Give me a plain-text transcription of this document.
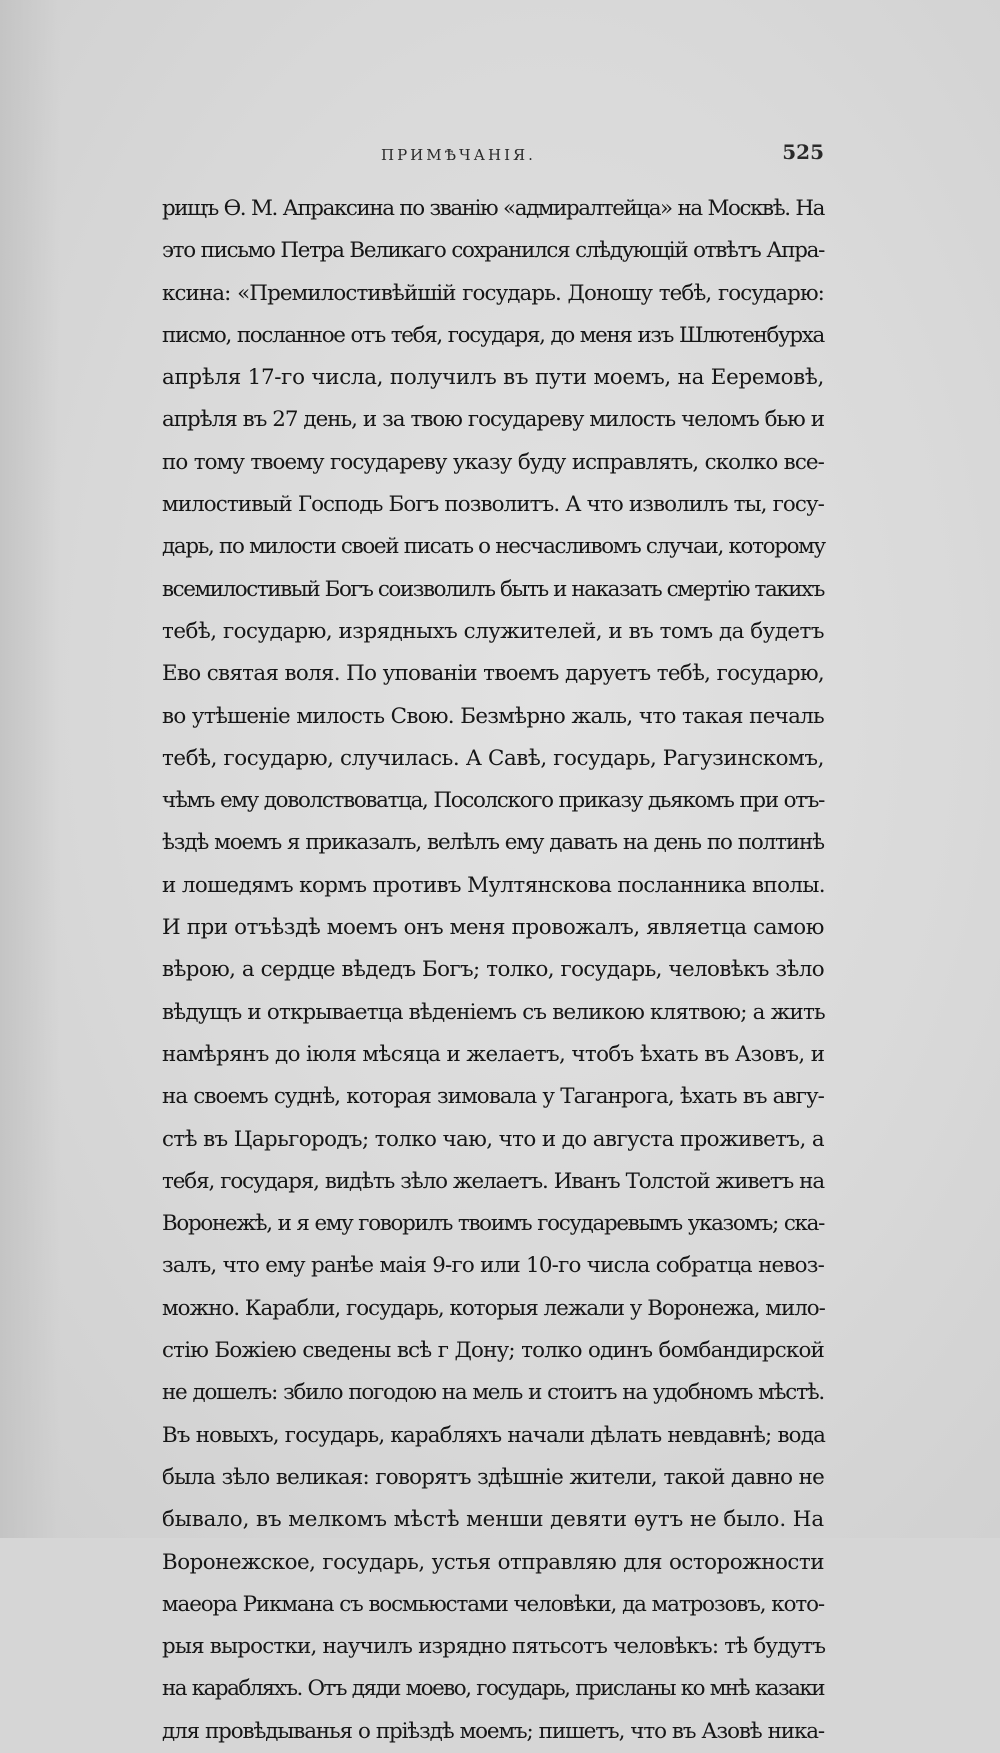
ПРИМѢЧАНІЯ.	525
рищъ Ѳ. М. Апраксина по званію «адмиралтейца» на Москвѣ. На
это письмо Петра Великаго сохранился слѣдующій отвѣтъ Апра-
ксина: «Премилостивѣйшій государь. Доношу тебѣ, государю:
писмо, посланное отъ тебя, государя, до меня изъ Шлютенбурха
апрѣля 17-го числа, получилъ въ пути моемъ, на Ееремовѣ,
апрѣля въ 27 день, и за твою государеву милость челомъ бью и
по тому твоему государеву указу буду исправлять, сколко все-
милостивый Господь Богъ позволитъ. А что изволилъ ты, госу-
дарь, по милости своей писать о несчасливомъ случаи, которому
всемилостивый Богъ соизволилъ быть и наказать смертію такихъ
тебѣ, государю, изрядныхъ служителей, и въ томъ да будетъ
Ево святая воля. По упованіи твоемъ даруетъ тебѣ, государю,
во утѣшеніе милость Свою. Безмѣрно жаль, что такая печаль
тебѣ, государю, случилась. А Савѣ, государь, Рагузинскомъ,
чѣмъ ему доволствоватца, Посолского приказу дьякомъ при отъ-
ѣздѣ моемъ я приказалъ, велѣлъ ему давать на день по полтинѣ
и лошедямъ кормъ противъ Мултянскова посланника вполы.
И при отъѣздѣ моемъ онъ меня провожалъ, являетца самою
вѣрою, а сердце вѣдедъ Богъ; толко, государь, человѣкъ зѣло
вѣдущъ и открываетца вѣденіемъ съ великою клятвою; а жить
намѣрянъ до іюля мѣсяца и желаетъ, чтобъ ѣхать въ Азовъ, и
на своемъ суднѣ, которая зимовала у Таганрога, ѣхать въ авгу-
стѣ въ Царьгородъ; толко чаю, что и до августа проживетъ, а
тебя, государя, видѣть зѣло желаетъ. Иванъ Толстой живетъ на
Воронежѣ, и я ему говорилъ твоимъ государевымъ указомъ; ска-
залъ, что ему ранѣе маія 9-го или 10-го числа собратца невоз-
можно. Карабли, государь, которыя лежали у Воронежа, мило-
стію Божіею сведены всѣ г Дону; толко одинъ бомбандирской
не дошелъ: збило погодою на мель и стоитъ на удобномъ мѣстѣ.
Въ новыхъ, государь, карабляхъ начали дѣлать невдавнѣ; вода
была зѣло великая: говорятъ здѣшніе жители, такой давно не
бывало, въ мелкомъ мѣстѣ менши девяти ѳутъ не было. На
Воронежское, государь, устья отправляю для осторожности
маеора Рикмана съ восмьюстами человѣки, да матрозовъ, кото-
рыя выростки, научилъ изрядно пятьсотъ человѣкъ: тѣ будутъ
на карабляхъ. Отъ дяди моево, государь, присланы ко мнѣ казаки
для провѣдыванья о пріѣздѣ моемъ; пишетъ, что въ Азовѣ ника-
